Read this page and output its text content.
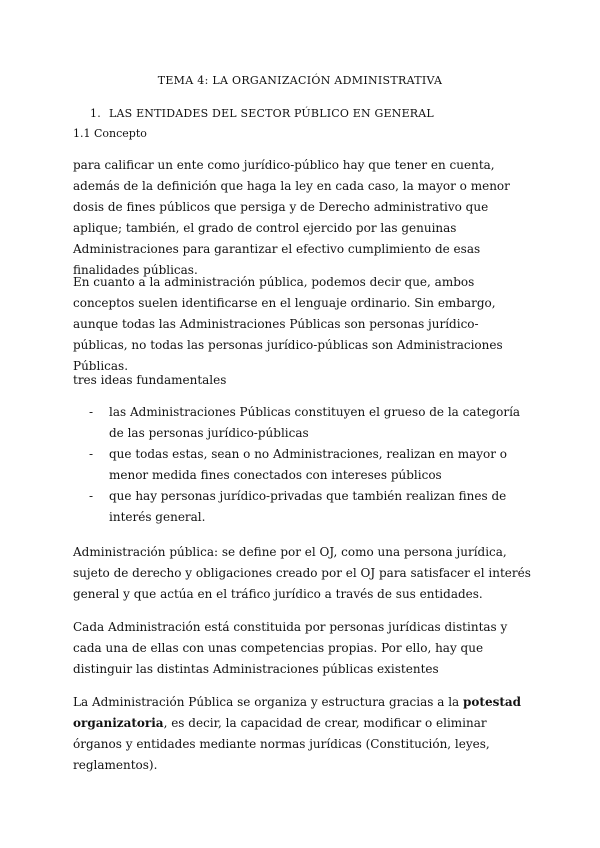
TEMA 4: LA ORGANIZACIÓN ADMINISTRATIVA
1. LAS ENTIDADES DEL SECTOR PÚBLICO EN GENERAL
1.1 Concepto

para calificar un ente como jurídico-público hay que tener en cuenta, además de la definición que haga la ley en cada caso, la mayor o menor dosis de fines públicos que persiga y de Derecho administrativo que aplique; también, el grado de control ejercido por las genuinas Administraciones para garantizar el efectivo cumplimiento de esas finalidades públicas.

En cuanto a la administración pública, podemos decir que, ambos conceptos suelen identificarse en el lenguaje ordinario. Sin embargo, aunque todas las Administraciones Públicas son personas jurídico-públicas, no todas las personas jurídico-públicas son Administraciones Públicas.

tres ideas fundamentales

- las Administraciones Públicas constituyen el grueso de la categoría de las personas jurídico-públicas
- que todas estas, sean o no Administraciones, realizan en mayor o menor medida fines conectados con intereses públicos
- que hay personas jurídico-privadas que también realizan fines de interés general.

Administración pública: se define por el OJ, como una persona jurídica, sujeto de derecho y obligaciones creado por el OJ para satisfacer el interés general y que actúa en el tráfico jurídico a través de sus entidades.

Cada Administración está constituida por personas jurídicas distintas y cada una de ellas con unas competencias propias. Por ello, hay que distinguir las distintas Administraciones públicas existentes

La Administración Pública se organiza y estructura gracias a la potestad organizatoria, es decir, la capacidad de crear, modificar o eliminar órganos y entidades mediante normas jurídicas (Constitución, leyes, reglamentos).
